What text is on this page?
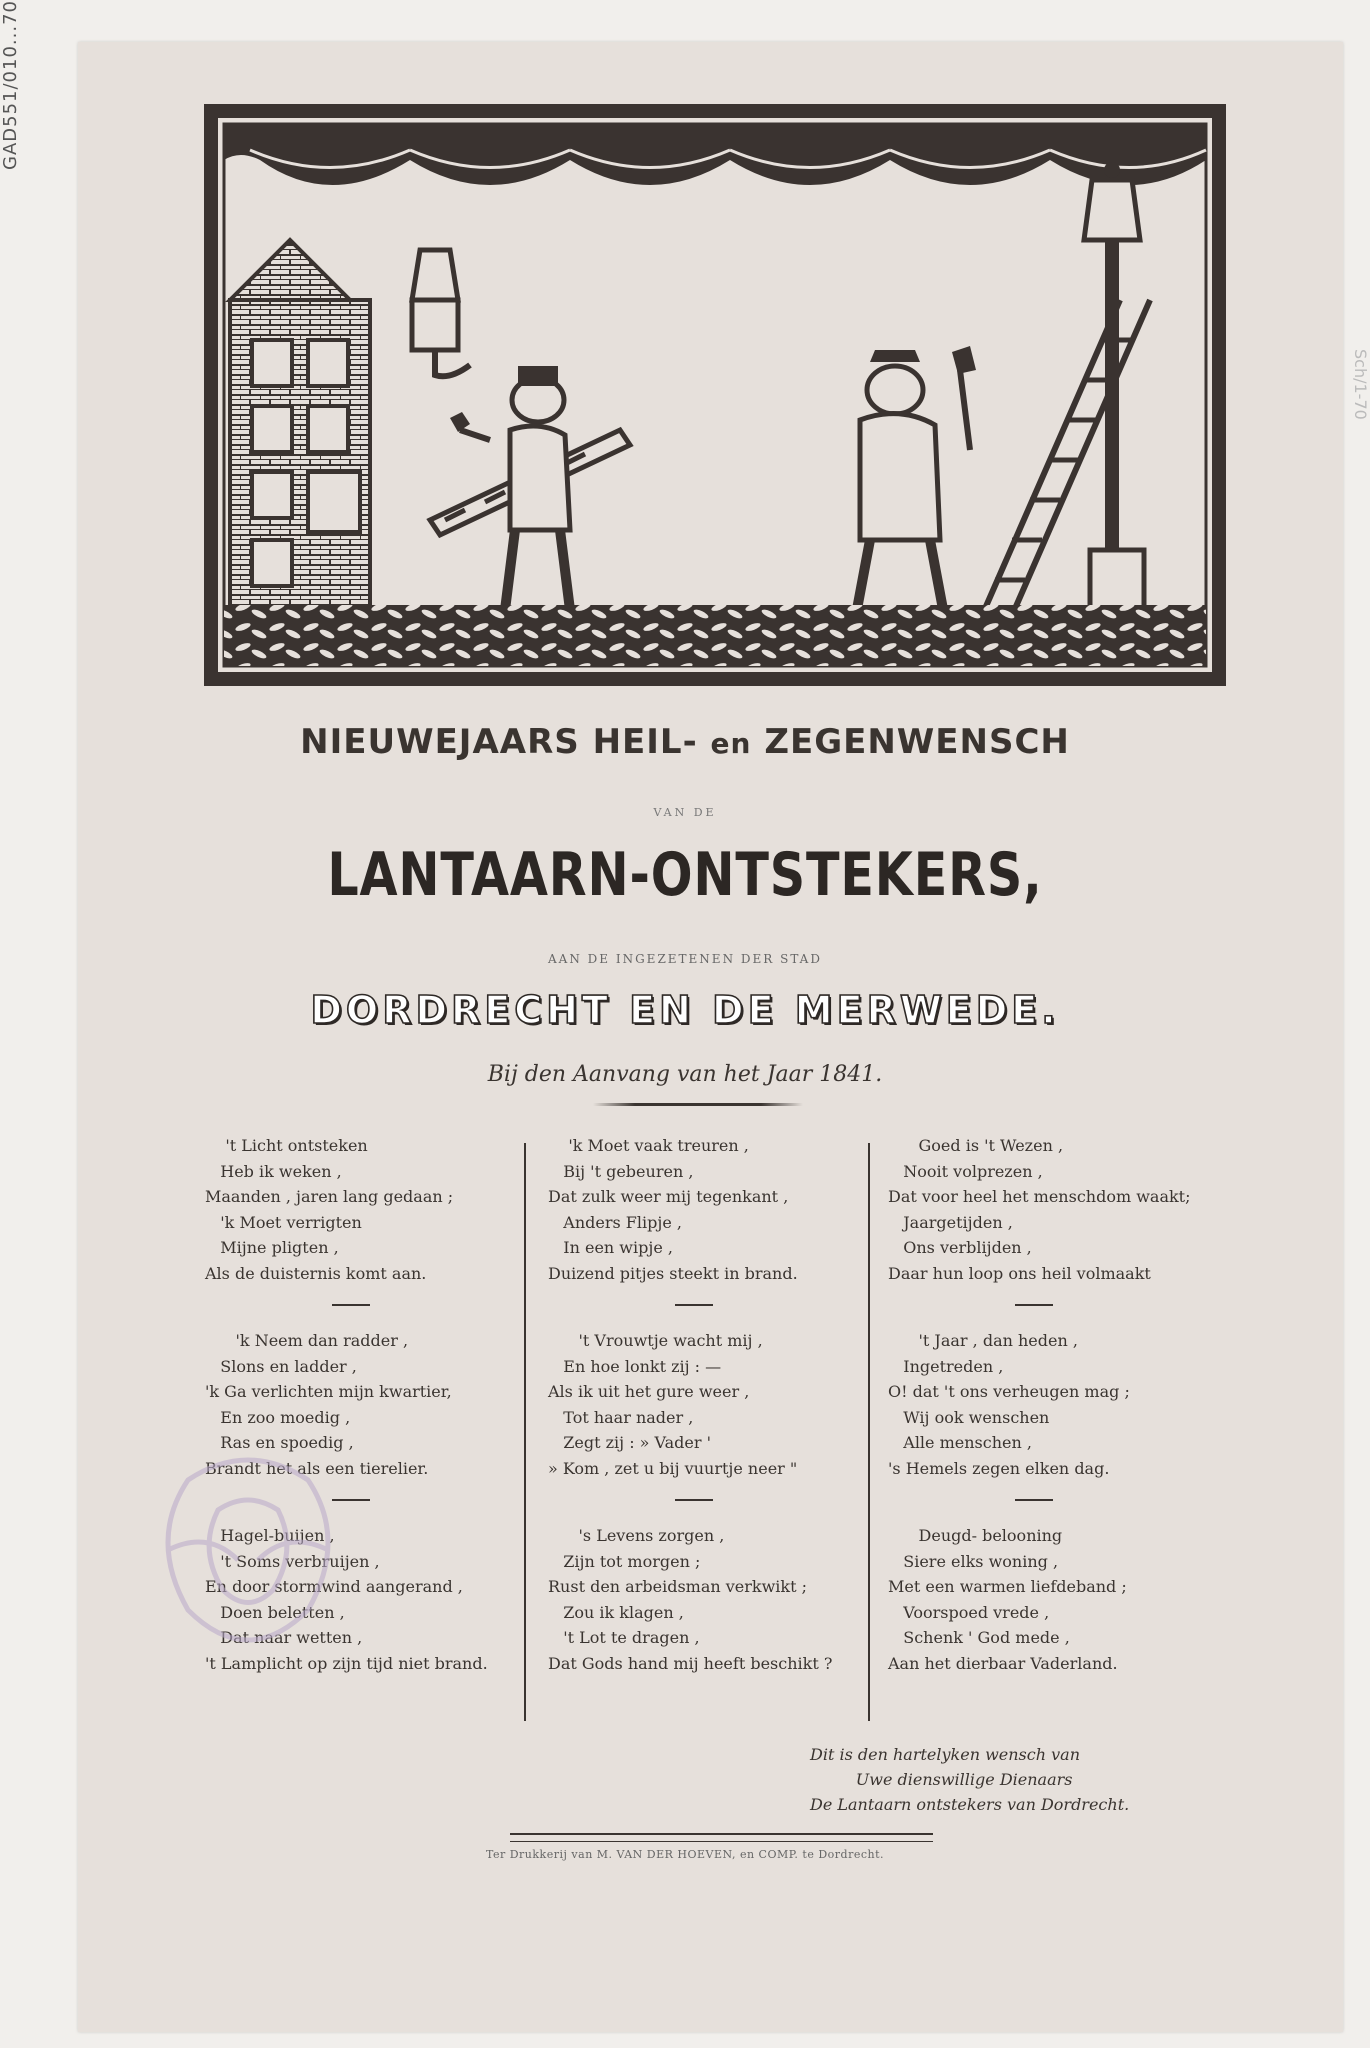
GAD551/010...70
Sch/1-70
NIEUWEJAARS HEIL- en ZEGENWENSCH
VAN DE
LANTAARN-ONTSTEKERS,
AAN DE INGEZETENEN DER STAD
DORDRECHT EN DE MERWEDE.
Bij den Aanvang van het Jaar 1841.

't Licht ontsteken

Heb ik weken ,

Maanden , jaren lang gedaan ;

'k Moet verrigten

Mijne pligten ,

Als de duisternis komt aan.

'k Neem dan radder ,

Slons en ladder ,

'k Ga verlichten mijn kwartier,

En zoo moedig ,

Ras en spoedig ,

Brandt het als een tierelier.

Hagel-buijen ,

't Soms verbruijen ,

En door stormwind aangerand ,

Doen beletten ,

Dat naar wetten ,

't Lamplicht op zijn tijd niet brand.

'k Moet vaak treuren ,

Bij 't gebeuren ,

Dat zulk weer mij tegenkant ,

Anders Flipje ,

In een wipje ,

Duizend pitjes steekt in brand.

't Vrouwtje wacht mij ,

En hoe lonkt zij : —

Als ik uit het gure weer ,

Tot haar nader ,

Zegt zij : » Vader '

» Kom , zet u bij vuurtje neer "

's Levens zorgen ,

Zijn tot morgen ;

Rust den arbeidsman verkwikt ;

Zou ik klagen ,

't Lot te dragen ,

Dat Gods hand mij heeft beschikt ?

Goed is 't Wezen ,

Nooit volprezen ,

Dat voor heel het menschdom waakt;

Jaargetijden ,

Ons verblijden ,

Daar hun loop ons heil volmaakt

't Jaar , dan heden ,

Ingetreden ,

O! dat 't ons verheugen mag ;

Wij ook wenschen

Alle menschen ,

's Hemels zegen elken dag.

Deugd- belooning

Siere elks woning ,

Met een warmen liefdeband ;

Voorspoed vrede ,

Schenk ' God mede ,

Aan het dierbaar Vaderland.

Dit is den hartelyken wensch van

Uwe dienswillige Dienaars

De Lantaarn ontstekers van Dordrecht.

Ter Drukkerij van M. VAN DER HOEVEN, en COMP. te Dordrecht.
